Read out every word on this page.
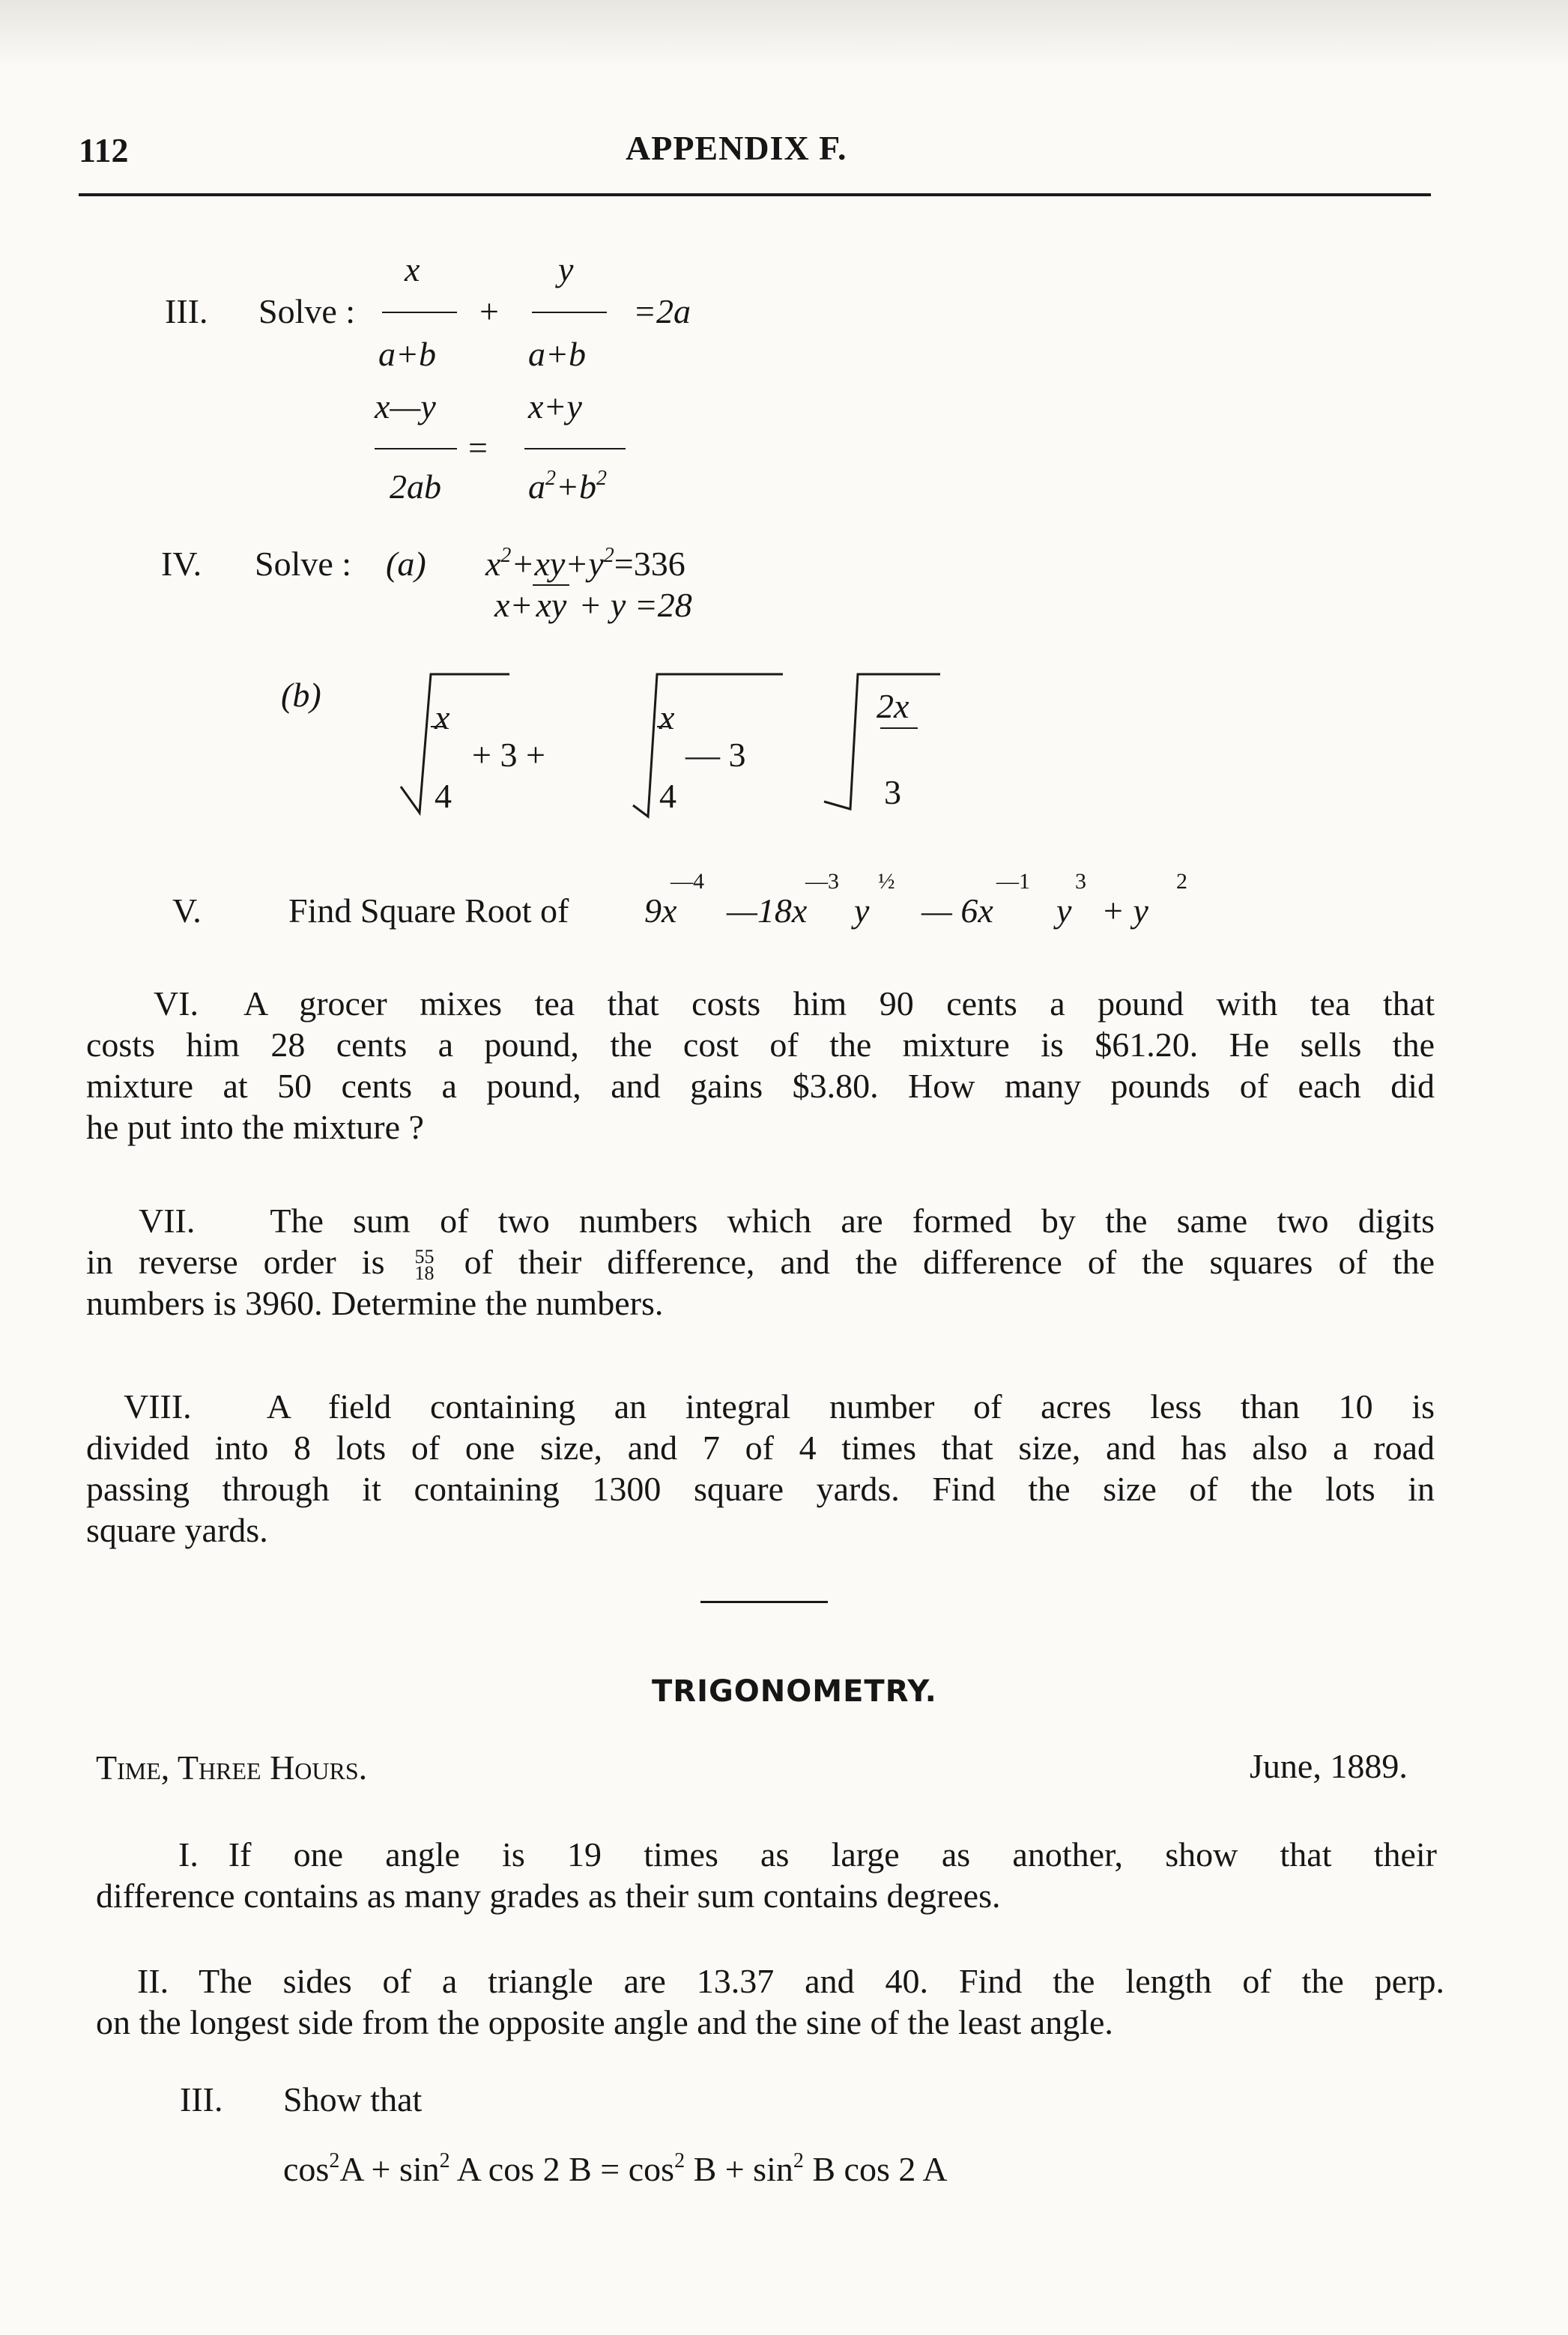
112	APPENDIX F.
III. Solve :
x
a+b
+
y
a+b
=2a
x—y
=
x+y
2ab	$a^2+b^2$
IV. Solve : (a) $x^2+xy+y^2=336$
x+xy + y =28
(b)
x
+ 3 +
4
x
— 3
4
2x
3
V.	Find Square Root of 9x
—4
—18x
—3
y
½
— 6x
—1
y
3
+ y
2
VI. A grocer mixes tea that costs him 90 cents a pound with tea that
costs him 28 cents a pound, the cost of the mixture is $61.20. He sells the
mixture at 50 cents a pound, and gains $3.80. How many pounds of each did
he put into the mixture ?
VII. The sum of two numbers which are formed by the same two digits
in reverse order is 55
18 of their difference, and the difference of the squares of the
numbers is 3960. Determine the numbers.
VIII. A field containing an integral number of acres less than 10 is
divided into 8 lots of one size, and 7 of 4 times that size, and has also a road
passing through it containing 1300 square yards. Find the size of the lots in
square yards.
TRIGONOMETRY.
Time, Three Hours.	June, 1889.
I. If one angle is 19 times as large as another, show that their
difference contains as many grades as their sum contains degrees.
II. The sides of a triangle are 13.37 and 40. Find the length of the perp.
on the longest side from the opposite angle and the sine of the least angle.
III. Show that
$\cos^2A + \sin^2 A$ cos 2 $B = \cos^2 B + \sin^2 B$ cos 2 A
